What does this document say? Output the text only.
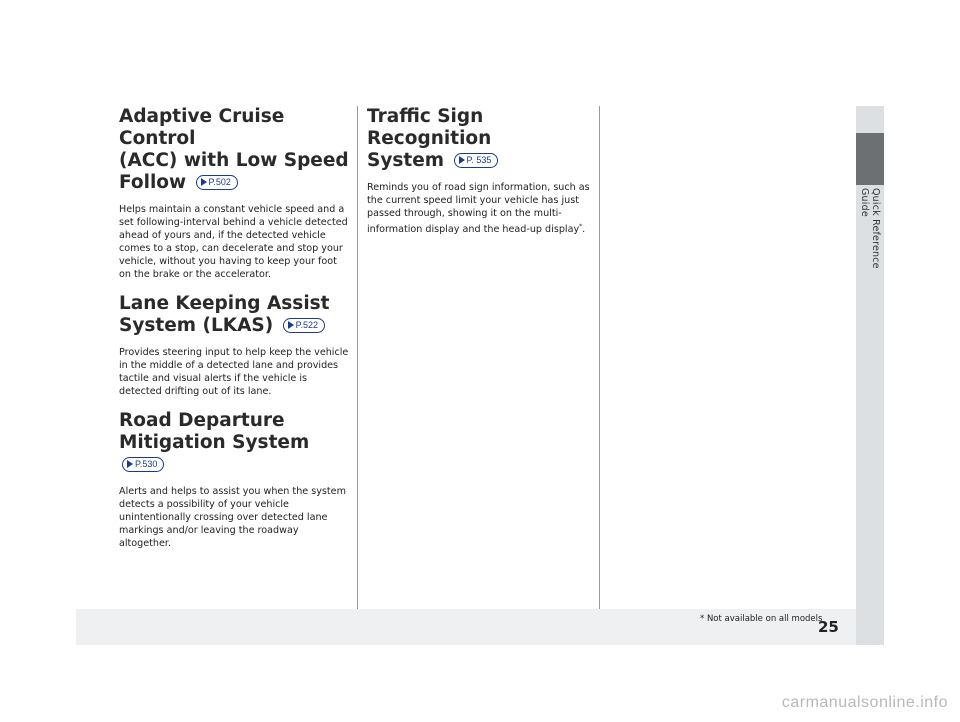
Quick Reference Guide
Adaptive Cruise Control
(ACC) with Low Speed
Follow P.502
Helps maintain a constant vehicle speed and a set following-interval behind a vehicle detected ahead of yours and, if the detected vehicle comes to a stop, can decelerate and stop your vehicle, without you having to keep your foot on the brake or the accelerator.
Lane Keeping Assist
System (LKAS) P.522
Provides steering input to help keep the vehicle in the middle of a detected lane and provides tactile and visual alerts if the vehicle is detected drifting out of its lane.
Road Departure
Mitigation System
P.530
Alerts and helps to assist you when the system detects a possibility of your vehicle unintentionally crossing over detected lane markings and/or leaving the roadway altogether.
Traffic Sign Recognition
System P. 535
Reminds you of road sign information, such as the current speed limit your vehicle has just passed through, showing it on the multi-information display and the head-up display*.
* Not available on all models
25
carmanualsonline.info
